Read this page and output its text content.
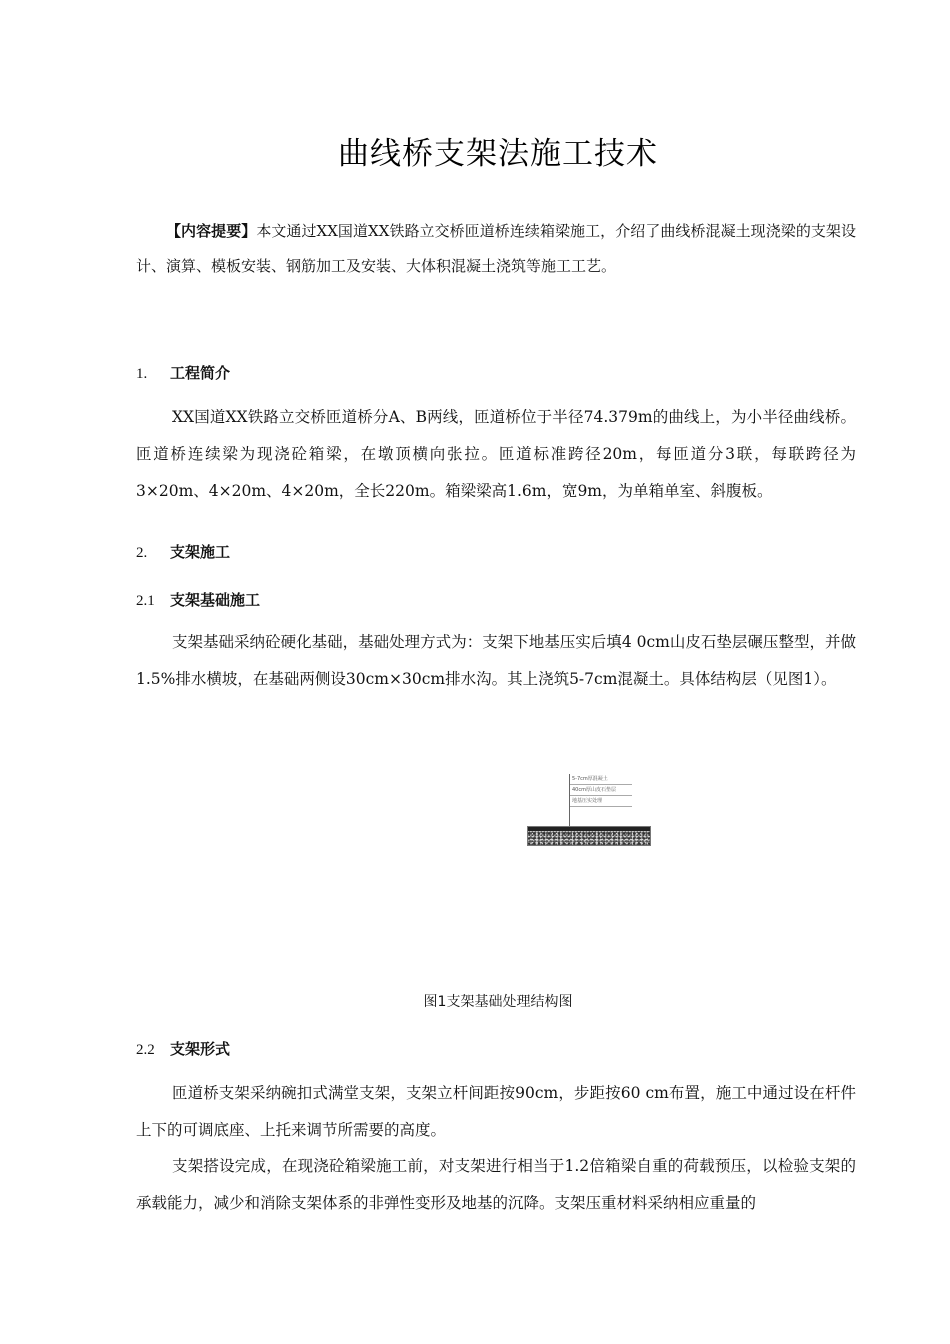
曲线桥支架法施工技术
【内容提要】本文通过XX国道XX铁路立交桥匝道桥连续箱梁施工，介绍了曲线桥混凝土现浇梁的支架设计、演算、模板安装、钢筋加工及安装、大体积混凝土浇筑等施工工艺。
1. 工程简介
XX国道XX铁路立交桥匝道桥分A、B两线，匝道桥位于半径74.379m的曲线上，为小半径曲线桥。匝道桥连续梁为现浇砼箱梁，在墩顶横向张拉。匝道标准跨径20m，每匝道分3联，每联跨径为3×20m、4×20m、4×20m，全长220m。箱梁梁高1.6m，宽9m，为单箱单室、斜腹板。
2. 支架施工
2.1 支架基础施工
支架基础采纳砼硬化基础，基础处理方式为：支架下地基压实后填4 0cm山皮石垫层碾压整型，并做1.5%排水横坡，在基础两侧设30cm×30cm排水沟。其上浇筑5-7cm混凝土。具体结构层（见图1）。
5-7cm厚混凝土
40cm厚山皮石垫层
地基压实处理
图1支架基础处理结构图
2.2 支架形式
匝道桥支架采纳碗扣式满堂支架，支架立杆间距按90cm，步距按60 cm布置，施工中通过设在杆件上下的可调底座、上托来调节所需要的高度。
支架搭设完成，在现浇砼箱梁施工前，对支架进行相当于1.2倍箱梁自重的荷载预压，以检验支架的承载能力，减少和消除支架体系的非弹性变形及地基的沉降。支架压重材料采纳相应重量的
